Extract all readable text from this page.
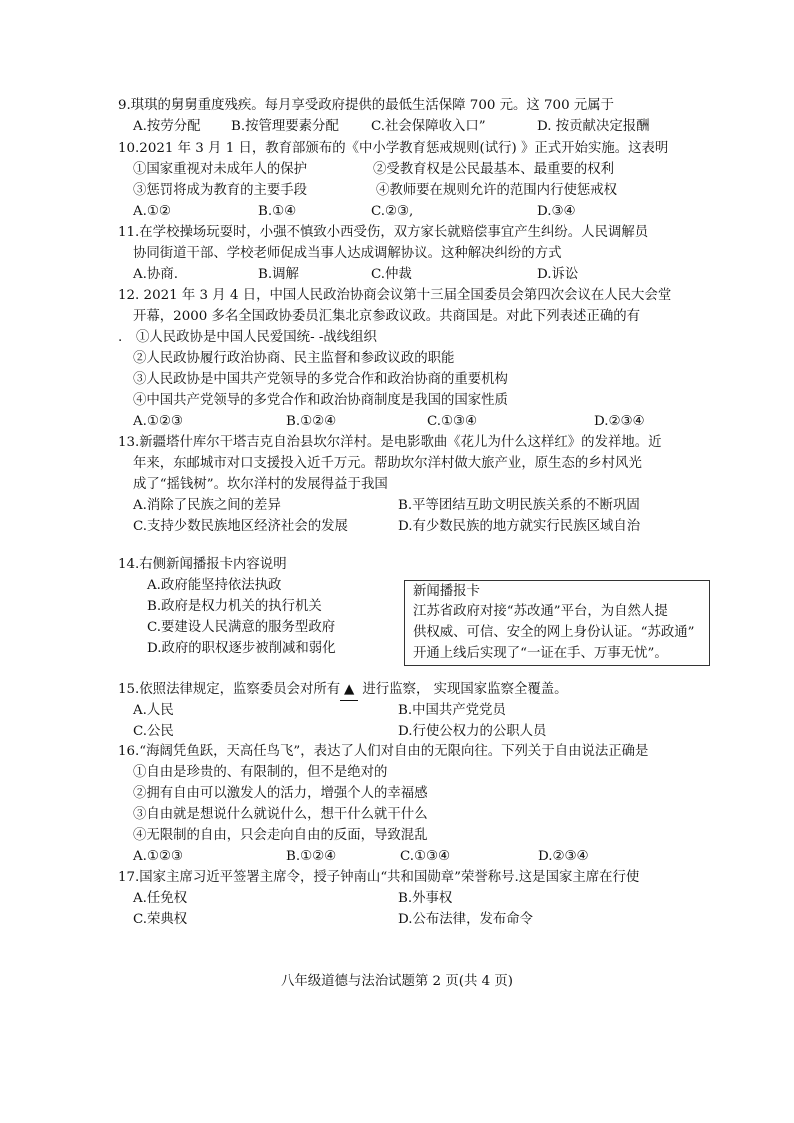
9.琪琪的舅舅重度残疾。每月享受政府提供的最低生活保障 700 元。这 700 元属于
A.按劳分配 B.按管理要素分配 C.社会保障收入口”	D. 按贡献决定报酬
10.2021 年 3 月 1 日，教育部颁布的《中小学教育惩戒规则(试行) 》正式开始实施。这表明
①国家重视对未成年人的保护	②受教育权是公民最基本、最重要的权利
③惩罚将成为教育的主要手段	④教师要在规则允许的范围内行使惩戒权
A.①②	B.①④	C.②③,	D.③④
11.在学校操场玩耍时，小强不慎致小西受伤，双方家长就赔偿事宜产生纠纷。人民调解员
协同街道干部、学校老师促成当事人达成调解协议。这种解决纠纷的方式
A.协商.	B.调解	C.仲裁	D.诉讼
12. 2021 年 3 月 4 日，中国人民政治协商会议第十三届全国委员会第四次会议在人民大会堂
开幕，2000 多名全国政协委员汇集北京参政议政。共商国是。对此下列表述正确的有
. ①人民政协是中国人民爱国统- -战线组织
②人民政协履行政治协商、民主监督和参政议政的职能
③人民政协是中国共产党领导的多党合作和政治协商的重要机构
④中国共产党领导的多党合作和政治协商制度是我国的国家性质
A.①②③	B.①②④	C.①③④	D.②③④
13.新疆塔什库尔干塔吉克自治县坎尔洋村。是电影歌曲《花儿为什么这样红》的发祥地。近
年来，东邮城市对口支援投入近千万元。帮助坎尔洋村做大旅产业，原生态的乡村风光
成了“摇钱树”。坎尔洋村的发展得益于我国
A.消除了民族之间的差异	B.平等团结互助文明民族关系的不断巩固
C.支持少数民族地区经济社会的发展	D.有少数民族的地方就实行民族区域自治
14.右侧新闻播报卡内容说明
A.政府能坚持依法执政
B.政府是权力机关的执行机关
C.要建设人民满意的服务型政府
D.政府的职权逐步被削减和弱化
新闻播报卡
江苏省政府对接“苏改通”平台，为自然人提
供权威、可信、安全的网上身份认证。“苏政通”
开通上线后实现了“一证在手、万事无忧”。
15.依照法律规定，监察委员会对所有 ▲ 进行监察， 实现国家监察全覆盖。
A.人民	B.中国共产党党员
C.公民	D.行使公权力的公职人员
16.“海阔凭鱼跃，天高任鸟飞”，表达了人们对自由的无限向往。下列关于自由说法正确是
①自由是珍贵的、有限制的，但不是绝对的
②拥有自由可以激发人的活力，增强个人的幸福感
③自由就是想说什么就说什么，想干什么就干什么
④无限制的自由，只会走向自由的反面，导致混乱
A.①②③	B.①②④	C.①③④	D.②③④
17.国家主席习近平签署主席令，授子钟南山“共和国勋章”荣誉称号.这是国家主席在行使
A.任免权	B.外事权
C.荣典权	D.公布法律，发布命令
八年级道德与法治试题第 2 页(共 4 页)
